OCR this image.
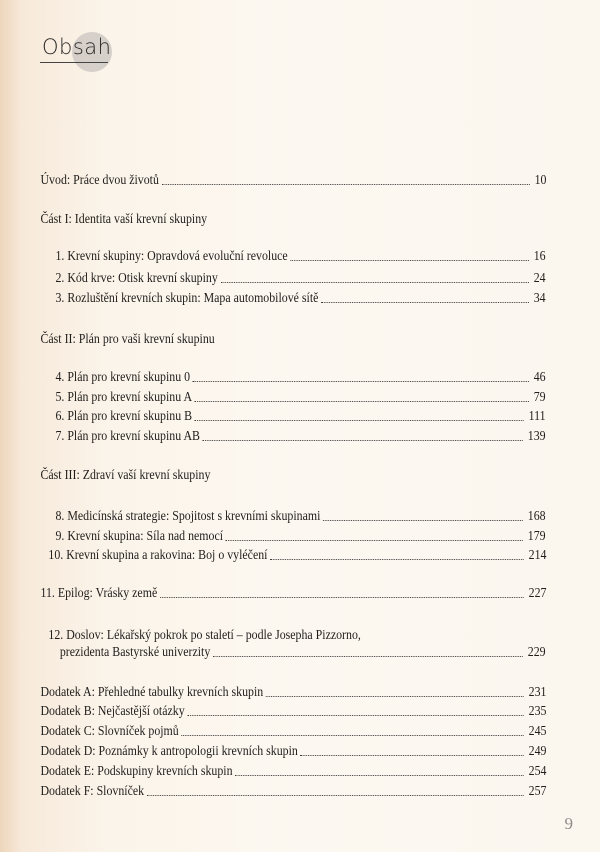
Obsah
Úvod: Práce dvou životů	10
Část I: Identita vaší krevní skupiny
1. Krevní skupiny: Opravdová evoluční revoluce	16
2. Kód krve: Otisk krevní skupiny	24
3. Rozluštění krevních skupin: Mapa automobilové sítě	34
Část II: Plán pro vaši krevní skupinu
4. Plán pro krevní skupinu 0	46
5. Plán pro krevní skupinu A	79
6. Plán pro krevní skupinu B	111
7. Plán pro krevní skupinu AB	139
Část III: Zdraví vaší krevní skupiny
8. Medicínská strategie: Spojitost s krevními skupinami	168
9. Krevní skupina: Síla nad nemocí	179
10. Krevní skupina a rakovina: Boj o vyléčení	214
11. Epilog: Vrásky země	227
12. Doslov: Lékařský pokrok po staletí – podle Josepha Pizzorno,
prezidenta Bastyrské univerzity	229
Dodatek A: Přehledné tabulky krevních skupin	231
Dodatek B: Nejčastější otázky	235
Dodatek C: Slovníček pojmů	245
Dodatek D: Poznámky k antropologii krevních skupin	249
Dodatek E: Podskupiny krevních skupin	254
Dodatek F: Slovníček	257
9
